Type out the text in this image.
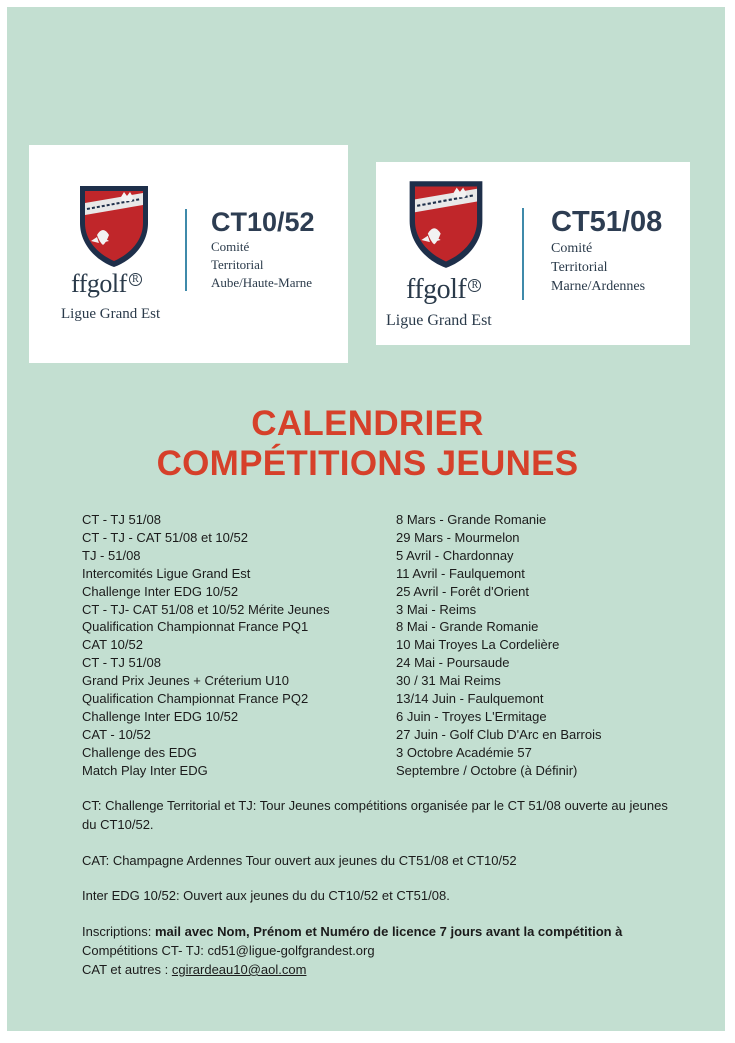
ffgolf R
Ligue Grand Est
CT10/52
Comité
Territorial
Aube/Haute-Marne	ffgolf R
Ligue Grand Est
CT51/08
Comité
Territorial
Marne/Ardennes
CALENDRIER
COMPÉTITIONS JEUNES
CT - TJ 51/08
CT - TJ - CAT 51/08 et 10/52
TJ - 51/08
Intercomités Ligue Grand Est
Challenge Inter EDG 10/52
CT - TJ- CAT 51/08 et 10/52 Mérite Jeunes
Qualification Championnat France PQ1
CAT 10/52
CT - TJ 51/08
Grand Prix Jeunes + Créterium U10
Qualification Championnat France PQ2
Challenge Inter EDG 10/52
CAT - 10/52
Challenge des EDG
Match Play Inter EDG
8 Mars - Grande Romanie
29 Mars - Mourmelon
5 Avril - Chardonnay
11 Avril - Faulquemont
25 Avril - Forêt d'Orient
3 Mai - Reims
8 Mai - Grande Romanie
10 Mai Troyes La Cordelière
24 Mai - Poursaude
30 / 31 Mai Reims
13/14 Juin - Faulquemont
6 Juin - Troyes L'Ermitage
27 Juin - Golf Club D'Arc en Barrois
3 Octobre Académie 57
Septembre / Octobre (à Définir)
CT: Challenge Territorial et TJ: Tour Jeunes compétitions organisée par le CT 51/08 ouverte au jeunes du CT10/52.
CAT: Champagne Ardennes Tour ouvert aux jeunes du CT51/08 et CT10/52
Inter EDG 10/52: Ouvert aux jeunes du du CT10/52 et CT51/08.
Inscriptions: mail avec Nom, Prénom et Numéro de licence 7 jours avant la compétition à
Compétitions CT- TJ: cd51@ligue-golfgrandest.org
CAT et autres : cgirardeau10@aol.com
